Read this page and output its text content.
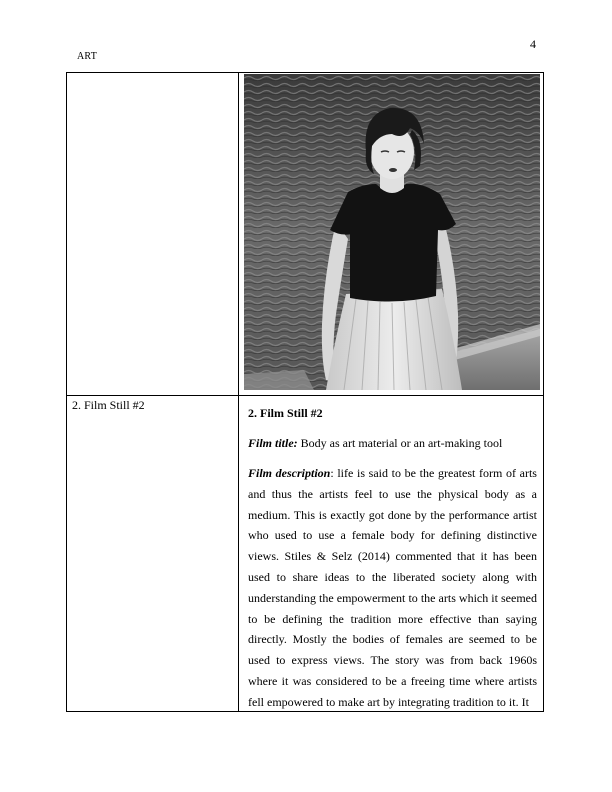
4
ART

2. Film Still #2	2. Film Still #2

Film title: Body as art material or an art-making tool

Film description: life is said to be the greatest form of arts and thus the artists feel to use the physical body as a medium. This is exactly got done by the performance artist who used to use a female body for defining distinctive views. Stiles & Selz (2014) commented that it has been used to share ideas to the liberated society along with understanding the empowerment to the arts which it seemed to be defining the tradition more effective than saying directly. Mostly the bodies of females are seemed to be used to express views. The story was from back 1960s where it was considered to be a freeing time where artists fell empowered to make art by integrating tradition to it. It
